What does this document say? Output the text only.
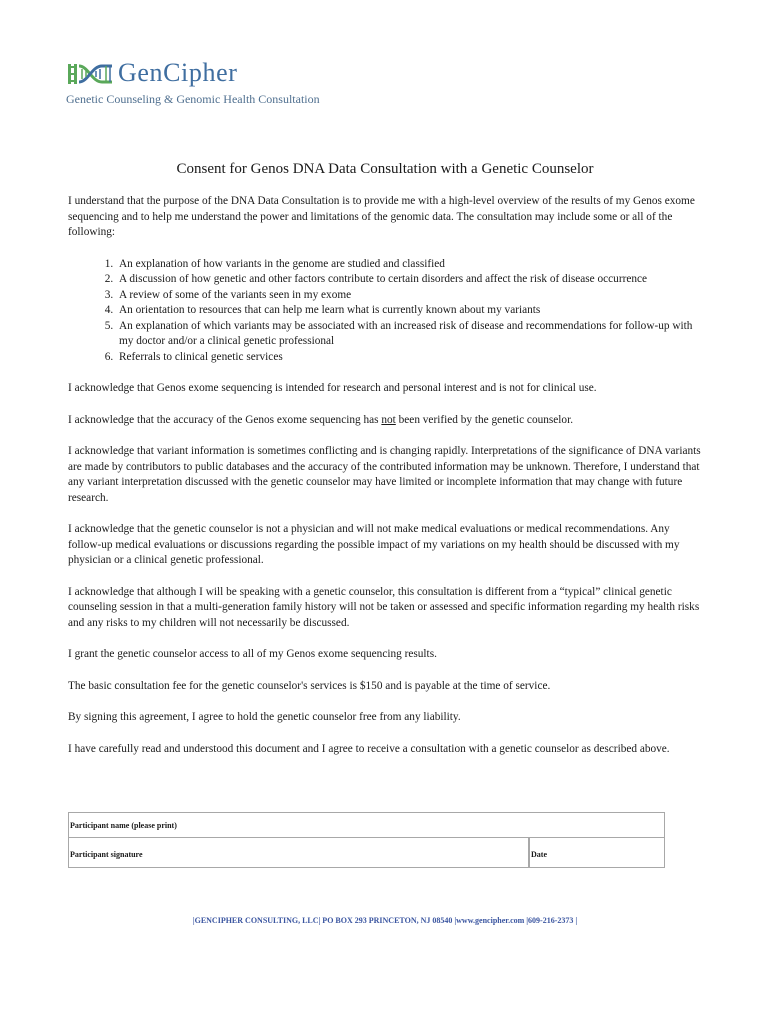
GenCipher
Genetic Counseling & Genomic Health Consultation
Consent for Genos DNA Data Consultation with a Genetic Counselor

I understand that the purpose of the DNA Data Consultation is to provide me with a high-level overview of the results of my Genos exome sequencing and to help me understand the power and limitations of the genomic data. The consultation may include some or all of the following:

1. An explanation of how variants in the genome are studied and classified
2. A discussion of how genetic and other factors contribute to certain disorders and affect the risk of disease occurrence
3. A review of some of the variants seen in my exome
4. An orientation to resources that can help me learn what is currently known about my variants
5. An explanation of which variants may be associated with an increased risk of disease and recommendations for follow-up with my doctor and/or a clinical genetic professional
6. Referrals to clinical genetic services

I acknowledge that Genos exome sequencing is intended for research and personal interest and is not for clinical use.

I acknowledge that the accuracy of the Genos exome sequencing has not been verified by the genetic counselor.

I acknowledge that variant information is sometimes conflicting and is changing rapidly. Interpretations of the significance of DNA variants are made by contributors to public databases and the accuracy of the contributed information may be unknown. Therefore, I understand that any variant interpretation discussed with the genetic counselor may have limited or incomplete information that may change with future research.

I acknowledge that the genetic counselor is not a physician and will not make medical evaluations or medical recommendations. Any follow-up medical evaluations or discussions regarding the possible impact of my variations on my health should be discussed with my physician or a clinical genetic professional.

I acknowledge that although I will be speaking with a genetic counselor, this consultation is different from a “typical” clinical genetic counseling session in that a multi-generation family history will not be taken or assessed and specific information regarding my health risks and any risks to my children will not necessarily be discussed.

I grant the genetic counselor access to all of my Genos exome sequencing results.

The basic consultation fee for the genetic counselor's services is $150 and is payable at the time of service.

By signing this agreement, I agree to hold the genetic counselor free from any liability.

I have carefully read and understood this document and I agree to receive a consultation with a genetic counselor as described above.

Participant name (please print)
Participant signature	Date
|GENCIPHER CONSULTING, LLC| PO BOX 293 PRINCETON, NJ 08540 |www.gencipher.com |609-216-2373 |
